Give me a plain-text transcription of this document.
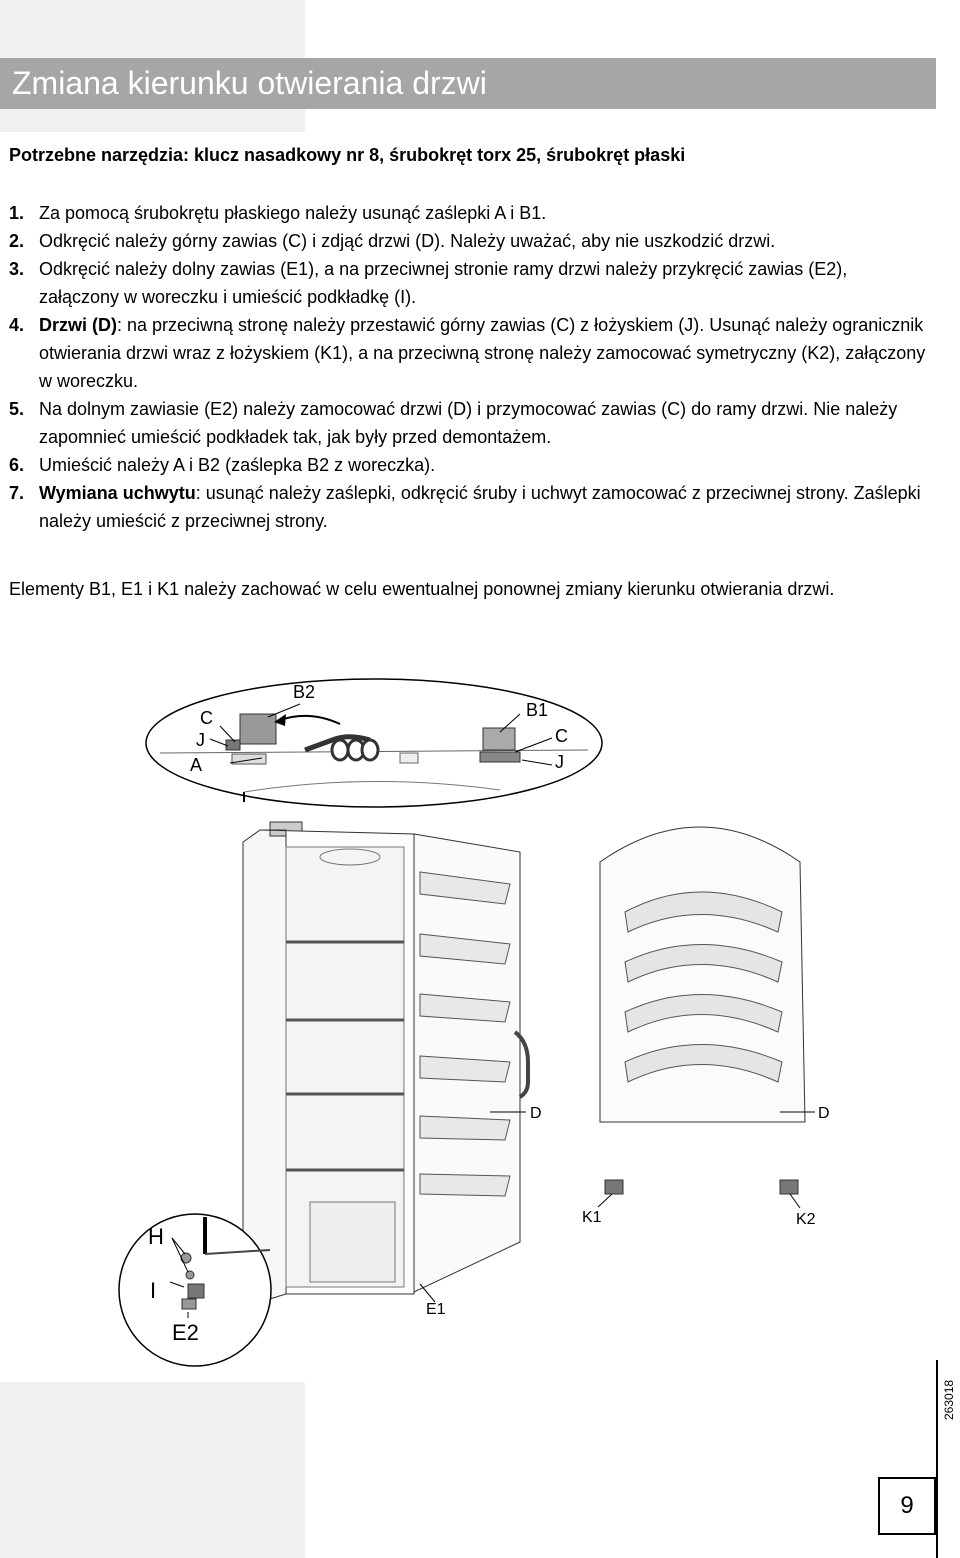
Zmiana kierunku otwierania drzwi
Potrzebne narzędzia: klucz nasadkowy nr 8, śrubokręt torx 25, śrubokręt płaski
1. Za pomocą śrubokrętu płaskiego należy usunąć zaślepki A i B1.
2. Odkręcić należy górny zawias (C) i zdjąć drzwi (D). Należy uważać, aby nie uszkodzić drzwi.
3. Odkręcić należy dolny zawias (E1), a na przeciwnej stronie ramy drzwi należy przykręcić zawias (E2), załączony w woreczku i umieścić podkładkę (I).
4. Drzwi (D): na przeciwną stronę należy przestawić górny zawias (C) z łożyskiem (J). Usunąć należy ogranicznik otwierania drzwi wraz z łożyskiem (K1), a na przeciwną stronę należy zamocować symetryczny (K2), załączony w woreczku.
5. Na dolnym zawiasie (E2) należy zamocować drzwi (D) i przymocować zawias (C) do ramy drzwi. Nie należy zapomnieć umieścić podkładek tak, jak były przed demontażem.
6. Umieścić należy A i B2 (zaślepka B2 z woreczka).
7. Wymiana uchwytu: usunąć należy zaślepki, odkręcić śruby i uchwyt zamocować z przeciwnej strony. Zaślepki należy umieścić z przeciwnej strony.
Elementy B1, E1 i K1 należy zachować w celu ewentualnej ponownej zmiany kierunku otwierania drzwi.
B2
C
J
A
B1
C
J
D
E1
D
K1	K2
H
I
E2
263018
9
